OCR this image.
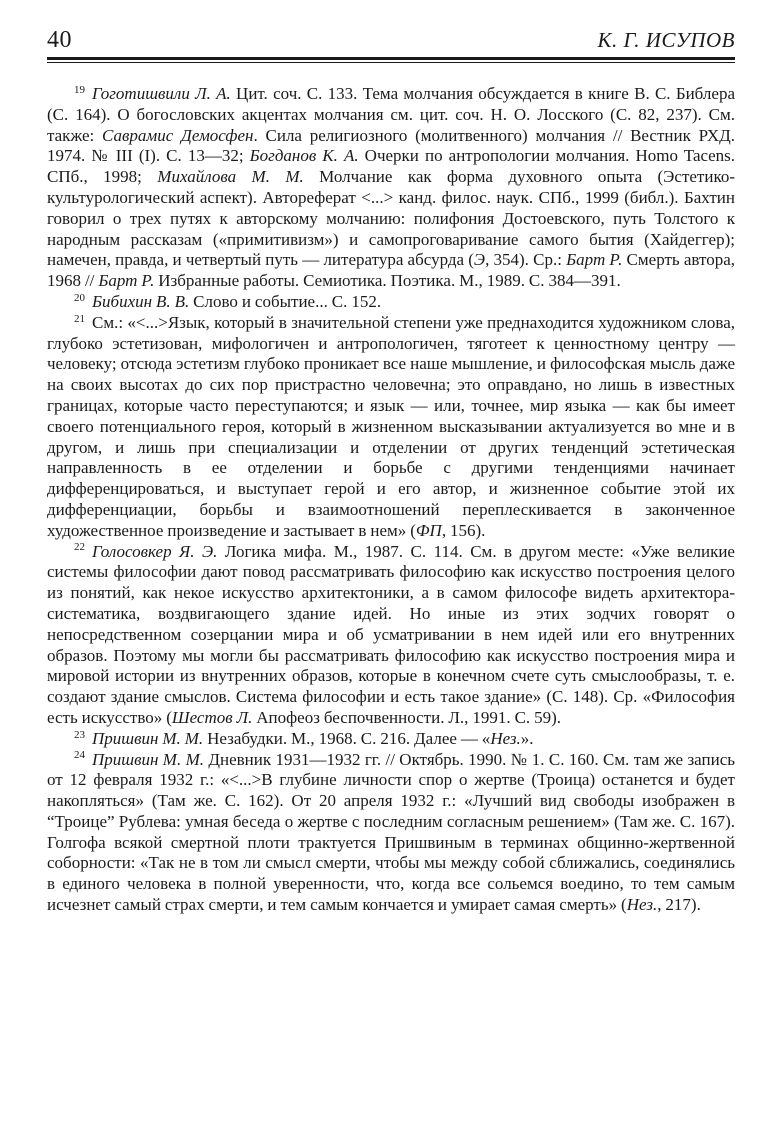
40	К. Г. ИСУПОВ

$^{19}$ Гоготишвили Л. А. Цит. соч. С. 133. Тема молчания обсуждается в книге В. С. Библера (С. 164). О богословских акцентах молчания см. цит. соч. Н. О. Лосского (С. 82, 237). См. также: Саврамис Демосфен. Сила религиозного (молитвенного) молчания // Вестник РХД. 1974. № III (I). С. 13—32; Богданов К. А. Очерки по антропологии молчания. Homo Tacens. СПб., 1998; Михайлова М. М. Молчание как форма духовного опыта (Эстетико-культурологический аспект). Автореферат <...> канд. филос. наук. СПб., 1999 (библ.). Бахтин говорил о трех путях к авторскому молчанию: полифония Достоевского, путь Толстого к народным рассказам («примитивизм») и самопроговаривание самого бытия (Хайдеггер); намечен, правда, и четвертый путь — литература абсурда (Э, 354). Ср.: Барт Р. Смерть автора, 1968 // Барт Р. Избранные работы. Семиотика. Поэтика. М., 1989. С. 384—391.

$^{20}$ Бибихин В. В. Слово и событие... С. 152.

$^{21}$ См.: «<...>Язык, который в значительной степени уже преднаходится художником слова, глубоко эстетизован, мифологичен и антропологичен, тяготеет к ценностному центру — человеку; отсюда эстетизм глубоко проникает все наше мышление, и философская мысль даже на своих высотах до сих пор пристрастно человечна; это оправдано, но лишь в известных границах, которые часто переступаются; и язык — или, точнее, мир языка — как бы имеет своего потенциального героя, который в жизненном высказывании актуализуется во мне и в другом, и лишь при специализации и отделении от других тенденций эстетическая направленность в ее отделении и борьбе с другими тенденциями начинает дифференцироваться, и выступает герой и его автор, и жизненное событие этой их дифференциации, борьбы и взаимоотношений переплескивается в законченное художественное произведение и застывает в нем» (ФП, 156).

$^{22}$ Голосовкер Я. Э. Логика мифа. М., 1987. С. 114. См. в другом месте: «Уже великие системы философии дают повод рассматривать философию как искусство построения целого из понятий, как некое искусство архитектоники, а в самом философе видеть архитектора-систематика, воздвигающего здание идей. Но иные из этих зодчих говорят о непосредственном созерцании мира и об усматривании в нем идей или его внутренних образов. Поэтому мы могли бы рассматривать философию как искусство построения мира и мировой истории из внутренних образов, которые в конечном счете суть смыслообразы, т. е. создают здание смыслов. Система философии и есть такое здание» (С. 148). Ср. «Философия есть искусство» (Шестов Л. Апофеоз беспочвенности. Л., 1991. С. 59).

$^{23}$ Пришвин М. М. Незабудки. М., 1968. С. 216. Далее — «Нез.».

$^{24}$ Пришвин М. М. Дневник 1931—1932 гг. // Октябрь. 1990. № 1. С. 160. См. там же запись от 12 февраля 1932 г.: «<...>В глубине личности спор о жертве (Троица) останется и будет накопляться» (Там же. С. 162). От 20 апреля 1932 г.: «Лучший вид свободы изображен в “Троице” Рублева: умная беседа о жертве с последним согласным решением» (Там же. С. 167). Голгофа всякой смертной плоти трактуется Пришвиным в терминах общинно-жертвенной соборности: «Так не в том ли смысл смерти, чтобы мы между собой сближались, соединялись в единого человека в полной уверенности, что, когда все сольемся воедино, то тем самым исчезнет самый страх смерти, и тем самым кончается и умирает самая смерть» (Нез., 217).
